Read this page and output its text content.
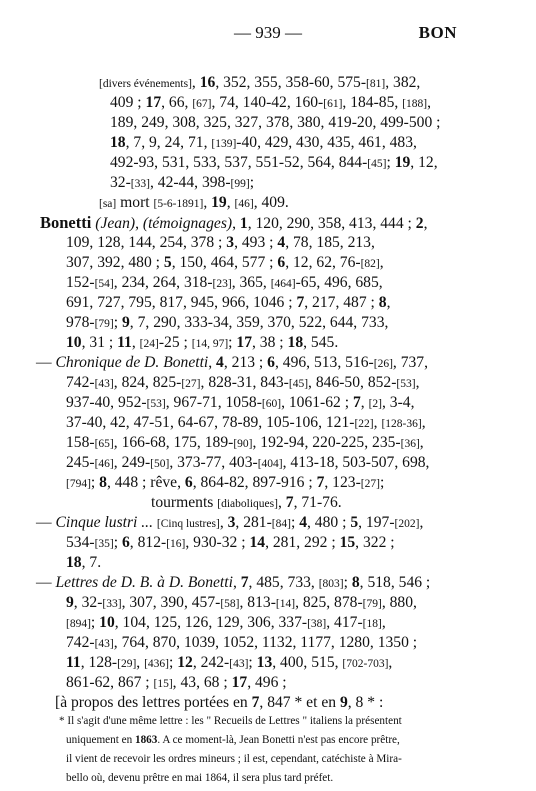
— 939 —	BON
[divers événements], 16, 352, 355, 358-60, 575-[81], 382,
409 ; 17, 66, [67], 74, 140-42, 160-[61], 184-85, [188],
189, 249, 308, 325, 327, 378, 380, 419-20, 499-500 ;
18, 7, 9, 24, 71, [139]-40, 429, 430, 435, 461, 483,
492-93, 531, 533, 537, 551-52, 564, 844-[45]; 19, 12,
32-[33], 42-44, 398-[99];
[sa] mort [5-6-1891], 19, [46], 409.
Bonetti (Jean), (témoignages), 1, 120, 290, 358, 413, 444 ; 2,
109, 128, 144, 254, 378 ; 3, 493 ; 4, 78, 185, 213,
307, 392, 480 ; 5, 150, 464, 577 ; 6, 12, 62, 76-[82],
152-[54], 234, 264, 318-[23], 365, [464]-65, 496, 685,
691, 727, 795, 817, 945, 966, 1046 ; 7, 217, 487 ; 8,
978-[79]; 9, 7, 290, 333-34, 359, 370, 522, 644, 733,
10, 31 ; 11, [24]-25 ; [14, 97]; 17, 38 ; 18, 545.
— Chronique de D. Bonetti, 4, 213 ; 6, 496, 513, 516-[26], 737,
742-[43], 824, 825-[27], 828-31, 843-[45], 846-50, 852-[53],
937-40, 952-[53], 967-71, 1058-[60], 1061-62 ; 7, [2], 3-4,
37-40, 42, 47-51, 64-67, 78-89, 105-106, 121-[22], [128-36],
158-[65], 166-68, 175, 189-[90], 192-94, 220-225, 235-[36],
245-[46], 249-[50], 373-77, 403-[404], 413-18, 503-507, 698,
[794]; 8, 448 ; rêve, 6, 864-82, 897-916 ; 7, 123-[27];
tourments [diaboliques], 7, 71-76.
— Cinque lustri ... [Cinq lustres], 3, 281-[84]; 4, 480 ; 5, 197-[202],
534-[35]; 6, 812-[16], 930-32 ; 14, 281, 292 ; 15, 322 ;
18, 7.
— Lettres de D. B. à D. Bonetti, 7, 485, 733, [803]; 8, 518, 546 ;
9, 32-[33], 307, 390, 457-[58], 813-[14], 825, 878-[79], 880,
[894]; 10, 104, 125, 126, 129, 306, 337-[38], 417-[18],
742-[43], 764, 870, 1039, 1052, 1132, 1177, 1280, 1350 ;
11, 128-[29], [436]; 12, 242-[43]; 13, 400, 515, [702-703],
861-62, 867 ; [15], 43, 68 ; 17, 496 ;
[à propos des lettres portées en 7, 847 * et en 9, 8 * :
* Il s'agit d'une même lettre : les " Recueils de Lettres " italiens la présentent
uniquement en 1863. A ce moment-là, Jean Bonetti n'est pas encore prêtre,
il vient de recevoir les ordres mineurs ; il est, cependant, catéchiste à Mira-
bello où, devenu prêtre en mai 1864, il sera plus tard préfet.
